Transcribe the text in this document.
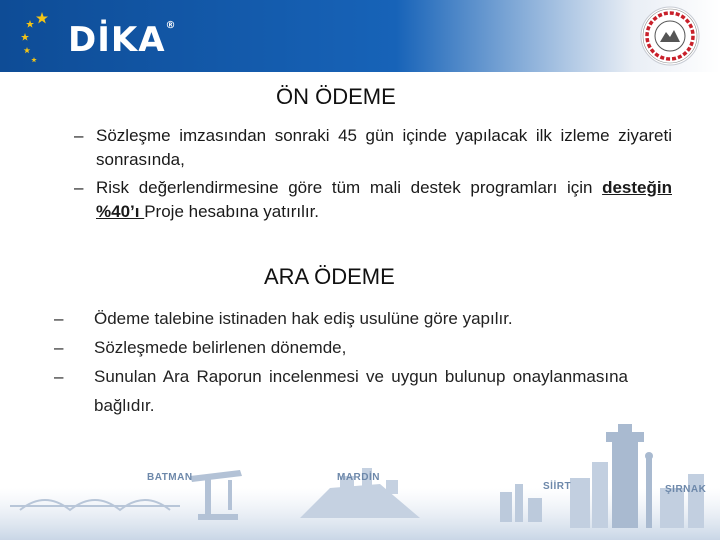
DİKA®
ÖN ÖDEME
– Sözleşme imzasından sonraki 45 gün içinde yapılacak ilk izleme ziyareti sonrasında,
– Risk değerlendirmesine göre tüm mali destek programları için desteğin %40’ı Proje hesabına yatırılır.
ARA ÖDEME
– Ödeme talebine istinaden hak ediş usulüne göre yapılır.
– Sözleşmede belirlenen dönemde,
– Sunulan Ara Raporun incelenmesi ve uygun bulunup onaylanmasına bağlıdır.
BATMAN	MARDİN
SİİRT	ŞIRNAK
